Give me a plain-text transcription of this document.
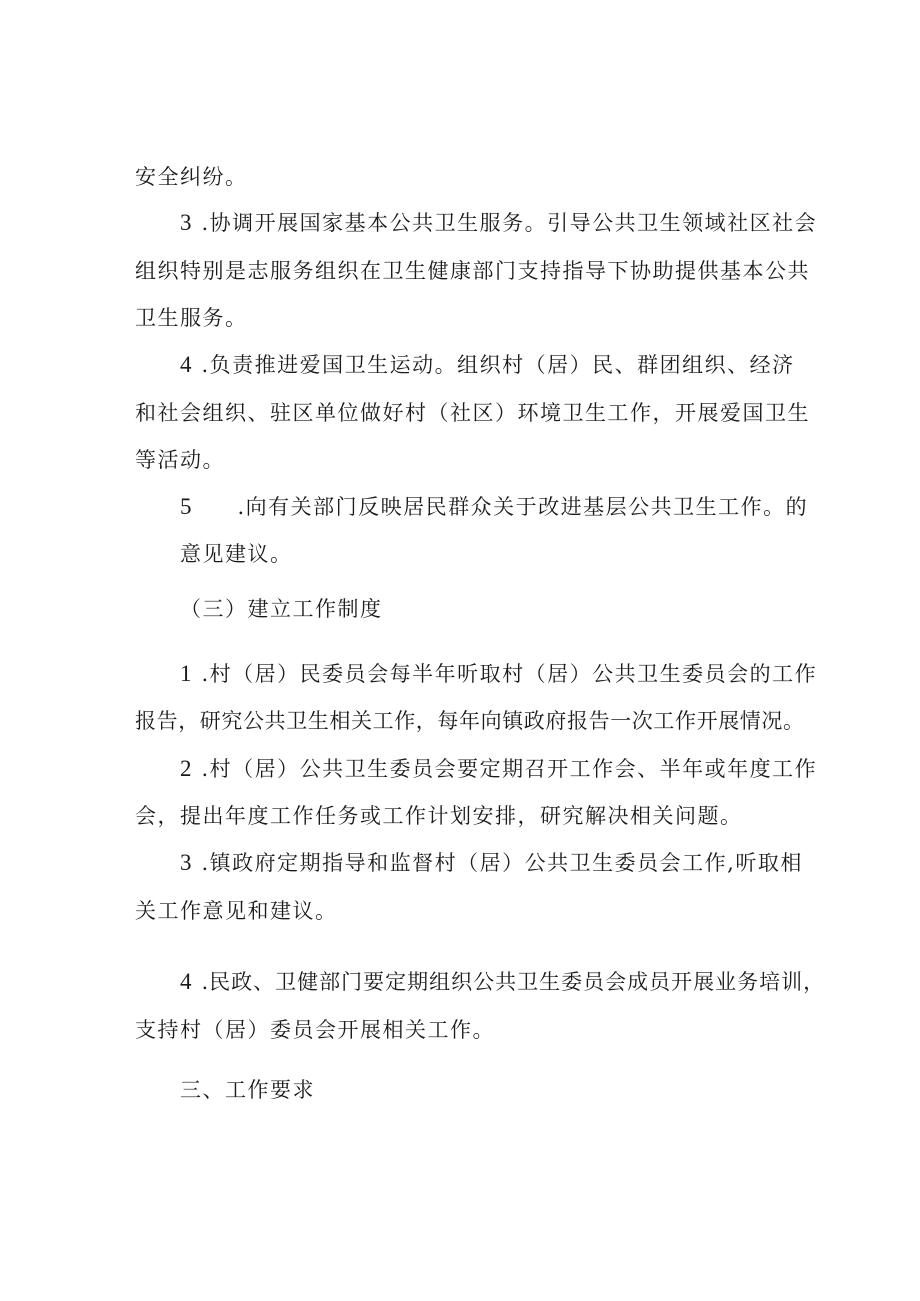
安全纠纷。
3 .协调开展国家基本公共卫生服务。引导公共卫生领域社区社会
组织特别是志服务组织在卫生健康部门支持指导下协助提供基本公共
卫生服务。
4 .负责推进爱国卫生运动。组织村（居）民、群团组织、经济
和社会组织、驻区单位做好村（社区）环境卫生工作，开展爱国卫生
等活动。
5 .向有关部门反映居民群众关于改进基层公共卫生工作。的
意见建议。
（三）建立工作制度
1 .村（居）民委员会每半年听取村（居）公共卫生委员会的工作
报告，研究公共卫生相关工作，每年向镇政府报告一次工作开展情况。
2 .村（居）公共卫生委员会要定期召开工作会、半年或年度工作
会，提出年度工作任务或工作计划安排，研究解决相关问题。
3 .镇政府定期指导和监督村（居）公共卫生委员会工作,听取相
关工作意见和建议。
4 .民政、卫健部门要定期组织公共卫生委员会成员开展业务培训，
支持村（居）委员会开展相关工作。
三、工作要求
